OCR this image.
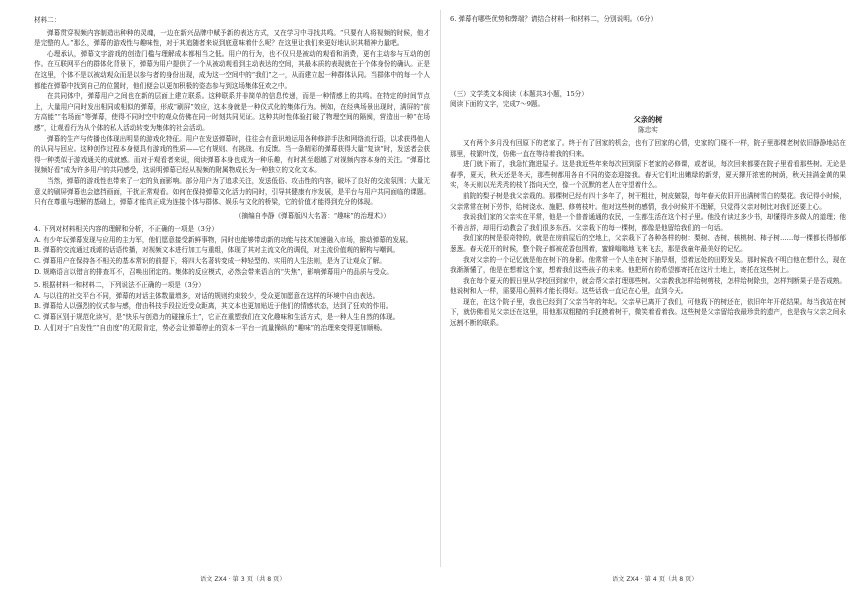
材料二：

弹幕贯穿视频内容制造出种种的灵魂，一边在新兴品牌中赋予新的表达方式，又在学习中寻找共鸣。“只要有人将视频的时候，他才是完整的人。”那么，弹幕的游戏性与趣味性，对于其追随者来说到底意味着什么呢？在这里让我们来更好地认识其精神力量吧。

心理承认，弹幕文字游戏的创造门槛与理解成本都相当之低。用户的行为，也不仅只是被动的观看和消费，更有主动参与互动的创作。在互联网平台的群体化背景下，弹幕为用户提供了一个从被动观看到主动表达的空间，其最本质的表现就在于个体身份的确认。正是在这里，个体不是以被动观众而是以参与者的身份出现，成为这一空间中的“我们”之一，从而建立起一种群体认同。当群体中的每一个人都能在弹幕中找到自己的位置时，他们便会以更加积极的姿态参与到这场集体狂欢之中。

在共同体中，弹幕用户之间也在新的层面上建立联系。这种联系并非简单的信息传递，而是一种情感上的共鸣。在特定的时间节点上，大量用户同时发出相同或相似的弹幕，形成“刷屏”效应，这本身就是一种仪式化的集体行为。例如，在经典场景出现时，满屏的“前方高能”“名场面”等弹幕，使得不同时空中的观众仿佛在同一时刻共同见证。这种共时性体验打破了物理空间的隔阂，营造出一种“在场感”，让观看行为从个体的私人活动转变为集体的社会活动。

弹幕的生产与传播也体现出明显的游戏化特征。用户在发送弹幕时，往往会有意识地运用各种修辞手法和网络流行语，以求获得他人的认同与回应。这种创作过程本身便具有游戏的性质——它有规则、有挑战、有反馈。当一条精彩的弹幕获得大量“复读”时，发送者会获得一种类似于游戏通关的成就感。而对于观看者来说，阅读弹幕本身也成为一种乐趣，有时甚至超越了对视频内容本身的关注。“弹幕比视频好看”成为许多用户的共同感受，这说明弹幕已经从视频的附属物成长为一种独立的文化文本。

当然，弹幕的游戏性也带来了一定的负面影响。部分用户为了追求关注，发送低俗、攻击性的内容，破坏了良好的交流氛围；大量无意义的刷屏弹幕也会遮挡画面，干扰正常观看。如何在保持弹幕文化活力的同时，引导其健康有序发展，是平台与用户共同面临的课题。只有在尊重与理解的基础上，弹幕才能真正成为连接个体与群体、娱乐与文化的桥梁，它的价值才能得到充分的体现。

（摘编自李静《弹幕版四大名著：“趣味”的治理术》）

4. 下列对材料相关内容的理解和分析，不正确的一项是（3分）

A. 有少年玩弹幕发现与应用的主力军，他们愿意接受新鲜事物，同时也能够带动新的功能与技术加速融入市场，推动弹幕的发展。

B. 弹幕的交流通过戏谑的话语传播，对视频文本进行加工与重组，体现了其对主流文化的调侃，对主流价值观的解构与嘲讽。

C. 弹幕用户在保持各不相关的基本常识的前提下，将四大名著转变成一种轻型的、实用的人生法则，是为了让观众了解。

D. 规略语言以错言的排查耳不，召唤出团定的。集体的反应模式，必然会带来语言的“失焦”，影响弹幕用户的品质与受众。

5. 根据材料一和材料二，下列说法不正确的一项是（3分）

A. 与以往的社交平台不同，弹幕的对话主体数量增多，对话的规则约束较少，受众更加愿意在这样的环境中自由表达。

B. 弹幕给人以强烈的仪式参与感，借由科技手段拉近受众距离，其文本也更加贴近于他们的情感状态，达到了狂欢的作用。

C. 弹幕区别于规范化读写，是“快乐与创造力的碰撞乐土”，它正在重塑我们在文化趣味和生活方式，是一种人生自然的体现。

D. 人们对于“自发性”“自由度”的无限肯定，势必会让弹幕停止的资本一平台一流量操纵的“趣味”的治理来变得更加顺畅。

6. 弹幕有哪些优势和弊端？请结合材料一和材料二，分别说明。（6分）

（三）文学类文本阅读（本题共3小题，15分）

阅读下面的文字，完成7～9题。

父亲的树

陈忠实

又有两个多月没有回原下的老家了。终于有了回家的机会，也有了回家的心情，史家的门楼不一样，院子里那棵老树依旧静静地站在那里，枝繁叶茂，仿佛一直在等待着我的归来。

进门就下雨了，我急忙跑进屋子。这是我近些年来每次回到原下老家的必修课，或者说，每次回来都要在院子里看看那些树。无论是春季，夏天，秋天还是冬天，那些树都用各自不同的姿态迎接我。春天它们吐出嫩绿的新芽，夏天撑开浓密的树荫，秋天挂满金黄的果实，冬天则以光秃秃的枝丫指向天空，像一个沉默的老人在守望着什么。

前院的梨子树是我父亲栽的。那棵树已经有四十多年了，树干粗壮，树皮皴裂，每年春天依旧开出满树雪白的梨花。我记得小时候，父亲常常在树下劳作，给树浇水、施肥、修剪枝叶。他对这些树的感情，我小时候并不理解，只觉得父亲对树比对我们还要上心。

我说我们家的父亲实在平常，他是一个普普通通的农民，一生都生活在这个村子里。他没有读过多少书，却懂得许多做人的道理；他不善言辞，却用行动教会了我们很多东西。父亲栽下的每一棵树，都像是他留给我们的一句话。

我们家的树是很奇特的，就是在房前屋后的空地上，父亲栽下了各种各样的树：梨树、杏树、核桃树、柿子树……每一棵都长得郁郁葱葱。春天花开的时候，整个院子都被花香包围着，蜜蜂嗡嗡地飞来飞去，那是我童年最美好的记忆。

我对父亲的一个记忆就是他在树下的身影。他常常一个人坐在树下抽旱烟，望着远处的田野发呆。那时候我不明白他在想什么，现在我渐渐懂了，他是在想着这个家，想着我们这些孩子的未来。他把所有的希望都寄托在这片土地上，寄托在这些树上。

我在每个夏天的假日里从学校回到家中，就会帮父亲打理那些树。父亲教我怎样给树剪枝，怎样给树除虫，怎样判断果子是否成熟。他说树和人一样，需要用心照料才能长得好。这些话我一直记在心里，直到今天。

现在，在这个院子里，我也已经到了父亲当年的年纪。父亲早已离开了我们，可他栽下的树还在，依旧年年开花结果。每当我站在树下，就仿佛看见父亲还在这里，用他那双粗糙的手抚摸着树干，微笑着看着我。这些树是父亲留给我最珍贵的遗产，也是我与父亲之间永远割不断的联系。

语文 ZX4 · 第 3 页（共 8 页）	语文 ZX4 · 第 4 页（共 8 页）
